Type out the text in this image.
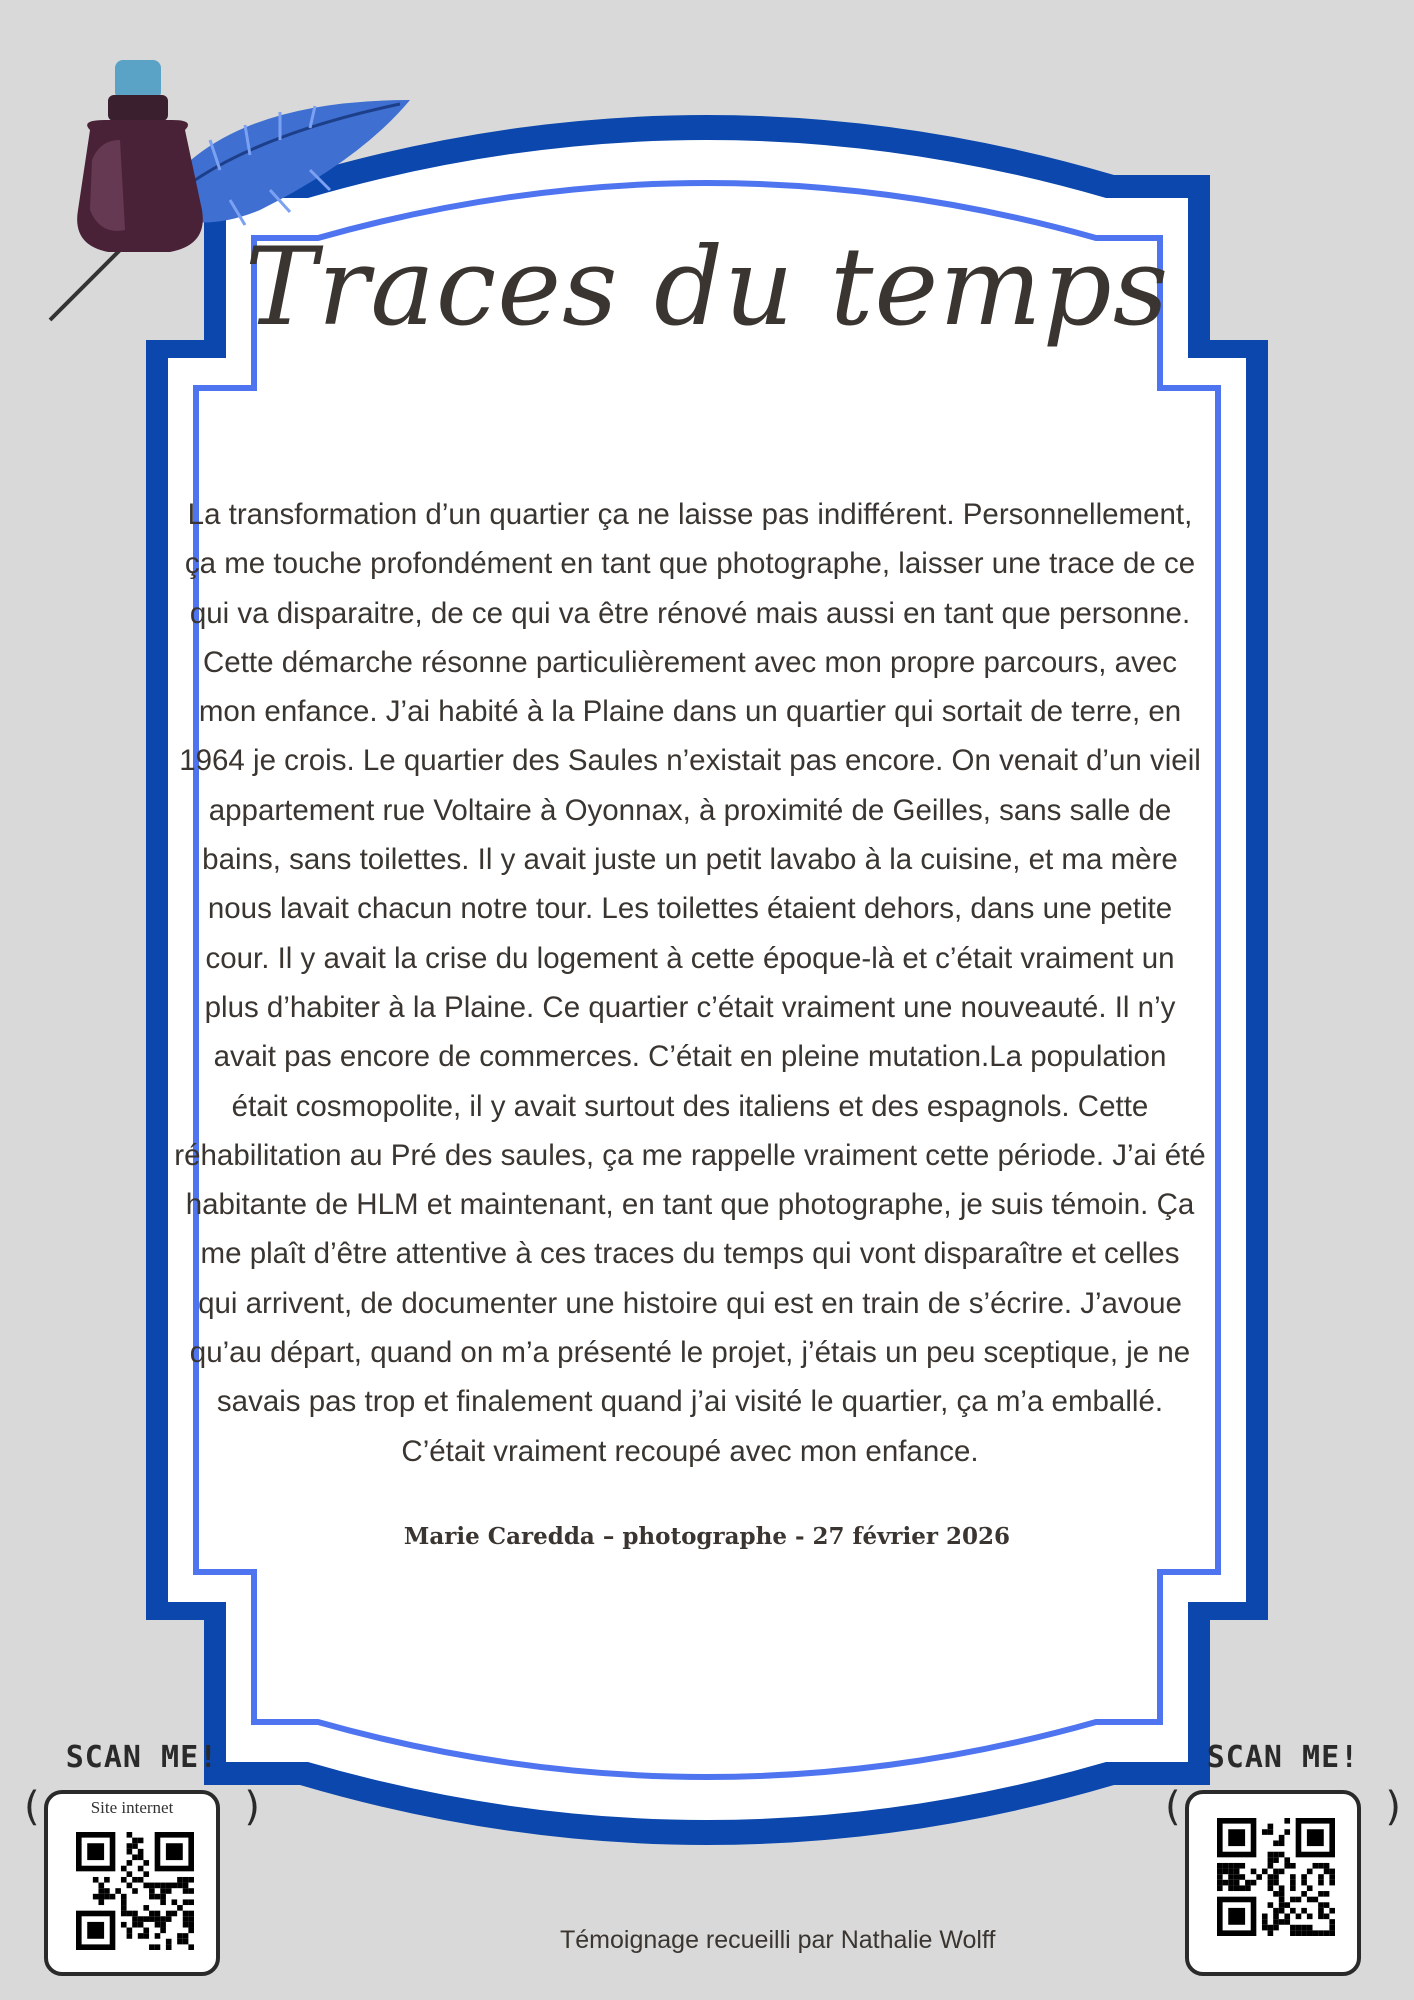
Traces du temps
La transformation d’un quartier ça ne laisse pas indifférent. Personnellement,
ça me touche profondément en tant que photographe, laisser une trace de ce
qui va disparaitre, de ce qui va être rénové mais aussi en tant que personne.
Cette démarche résonne particulièrement avec mon propre parcours, avec
mon enfance. J’ai habité à la Plaine dans un quartier qui sortait de terre, en
1964 je crois. Le quartier des Saules n’existait pas encore. On venait d’un vieil
appartement rue Voltaire à Oyonnax, à proximité de Geilles, sans salle de
bains, sans toilettes. Il y avait juste un petit lavabo à la cuisine, et ma mère
nous lavait chacun notre tour. Les toilettes étaient dehors, dans une petite
cour. Il y avait la crise du logement à cette époque-là et c’était vraiment un
plus d’habiter à la Plaine. Ce quartier c’était vraiment une nouveauté. Il n’y
avait pas encore de commerces. C’était en pleine mutation.La population
était cosmopolite, il y avait surtout des italiens et des espagnols. Cette
réhabilitation au Pré des saules, ça me rappelle vraiment cette période. J’ai été
habitante de HLM et maintenant, en tant que photographe, je suis témoin. Ça
me plaît d’être attentive à ces traces du temps qui vont disparaître et celles
qui arrivent, de documenter une histoire qui est en train de s’écrire. J’avoue
qu’au départ, quand on m’a présenté le projet, j’étais un peu sceptique, je ne
savais pas trop et finalement quand j’ai visité le quartier, ça m’a emballé.
C’était vraiment recoupé avec mon enfance.
Marie Caredda – photographe - 27 février 2026
SCAN ME!
(	)
Site internet
SCAN ME!
(	)
Témoignage recueilli par Nathalie Wolff
